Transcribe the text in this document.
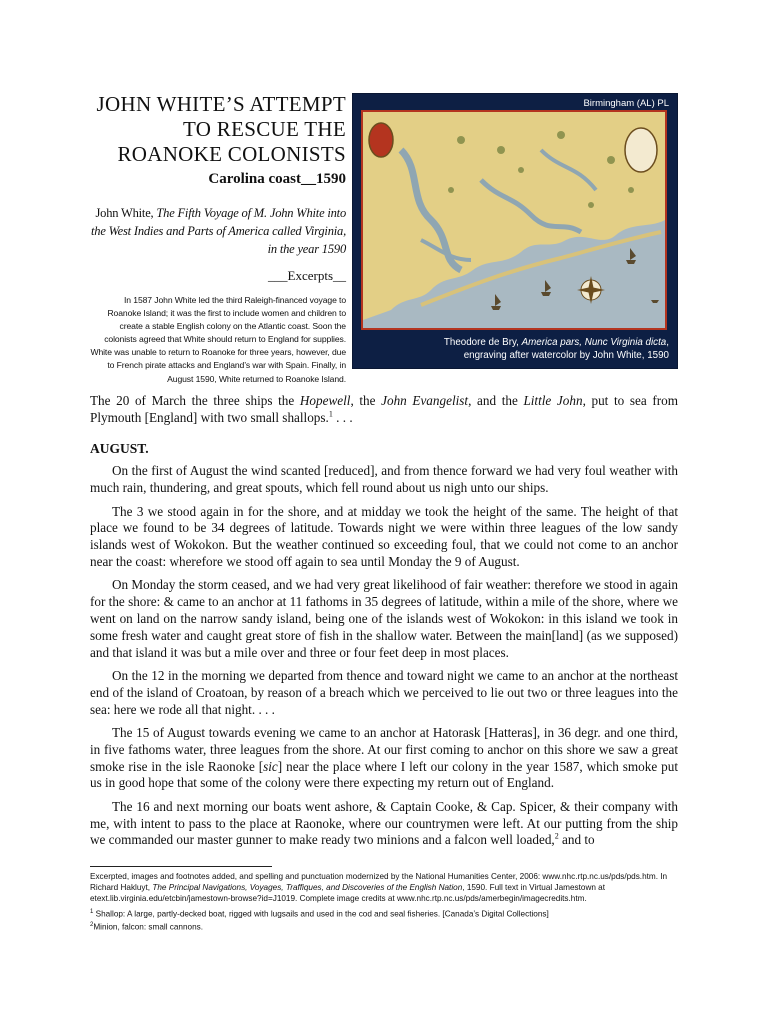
JOHN WHITE’S ATTEMPT
TO RESCUE THE
ROANOKE COLONISTS
Carolina coast__1590
John White, The Fifth Voyage of M. John White into the West Indies and Parts of America called Virginia, in the year 1590
___Excerpts__
In 1587 John White led the third Raleigh-financed voyage to Roanoke Island; it was the first to include women and children to create a stable English colony on the Atlantic coast. Soon the colonists agreed that White should return to England for supplies. White was unable to return to Roanoke for three years, however, due to French pirate attacks and England’s war with Spain. Finally, in August 1590, White returned to Roanoke Island.
Birmingham (AL) PL
Theodore de Bry, America pars, Nunc Virginia dicta,
engraving after watercolor by John White, 1590

The 20 of March the three ships the Hopewell, the John Evangelist, and the Little John, put to sea from Plymouth [England] with two small shallops.$^1$ . . .

AUGUST.

On the first of August the wind scanted [reduced], and from thence forward we had very foul weather with much rain, thundering, and great spouts, which fell round about us nigh unto our ships.

The 3 we stood again in for the shore, and at midday we took the height of the same. The height of that place we found to be 34 degrees of latitude. Towards night we were within three leagues of the low sandy islands west of Wokokon. But the weather continued so exceeding foul, that we could not come to an anchor near the coast: wherefore we stood off again to sea until Monday the 9 of August.

On Monday the storm ceased, and we had very great likelihood of fair weather: therefore we stood in again for the shore: & came to an anchor at 11 fathoms in 35 degrees of latitude, within a mile of the shore, where we went on land on the narrow sandy island, being one of the islands west of Wokokon: in this island we took in some fresh water and caught great store of fish in the shallow water. Between the main[land] (as we supposed) and that island it was but a mile over and three or four feet deep in most places.

On the 12 in the morning we departed from thence and toward night we came to an anchor at the northeast end of the island of Croatoan, by reason of a breach which we perceived to lie out two or three leagues into the sea: here we rode all that night. . . .

The 15 of August towards evening we came to an anchor at Hatorask [Hatteras], in 36 degr. and one third, in five fathoms water, three leagues from the shore. At our first coming to anchor on this shore we saw a great smoke rise in the isle Raonoke [sic] near the place where I left our colony in the year 1587, which smoke put us in good hope that some of the colony were there expecting my return out of England.

The 16 and next morning our boats went ashore, & Captain Cooke, & Cap. Spicer, & their company with me, with intent to pass to the place at Raonoke, where our countrymen were left. At our putting from the ship we commanded our master gunner to make ready two minions and a falcon well loaded,$^2$ and to

Excerpted, images and footnotes added, and spelling and punctuation modernized by the National Humanities Center, 2006: www.nhc.rtp.nc.us/pds/pds.htm. In Richard Hakluyt, The Principal Navigations, Voyages, Traffiques, and Discoveries of the English Nation, 1590. Full text in Virtual Jamestown at etext.lib.virginia.edu/etcbin/jamestown-browse?id=J1019. Complete image credits at www.nhc.rtp.nc.us/pds/amerbegin/imagecredits.htm.

$^1$ Shallop: A large, partly-decked boat, rigged with lugsails and used in the cod and seal fisheries. [Canada’s Digital Collections]
$^2$Minion, falcon: small cannons.
